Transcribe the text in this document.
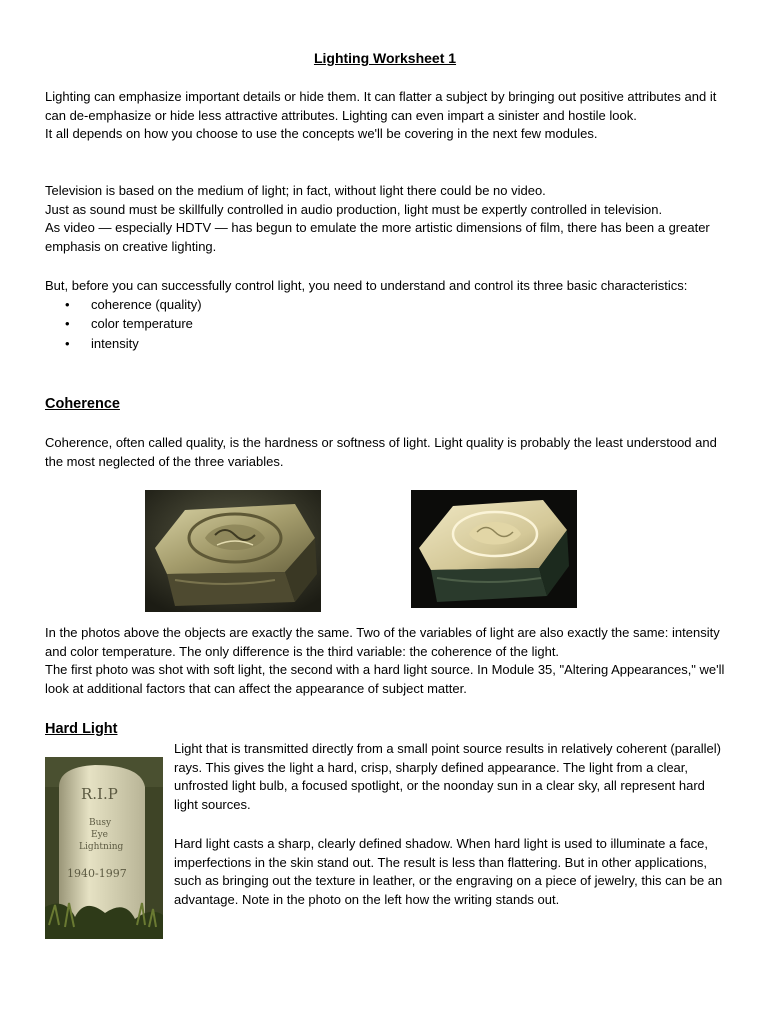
Lighting Worksheet 1

Lighting can emphasize important details or hide them. It can flatter a subject by bringing out positive attributes and it can de-emphasize or hide less attractive attributes. Lighting can even impart a sinister and hostile look.

It all depends on how you choose to use the concepts we'll be covering in the next few modules.

Television is based on the medium of light; in fact, without light there could be no video.

Just as sound must be skillfully controlled in audio production, light must be expertly controlled in television.

As video — especially HDTV — has begun to emulate the more artistic dimensions of film, there has been a greater emphasis on creative lighting.

But, before you can successfully control light, you need to understand and control its three basic characteristics:

• coherence (quality)
• color temperature
• intensity
Coherence

Coherence, often called quality, is the hardness or softness of light. Light quality is probably the least understood and the most neglected of the three variables.

In the photos above the objects are exactly the same. Two of the variables of light are also exactly the same: intensity and color temperature. The only difference is the third variable: the coherence of the light.

The first photo was shot with soft light, the second with a hard light source. In Module 35, "Altering Appearances," we'll look at additional factors that can affect the appearance of subject matter.

Hard Light
R.I.P
Busy
Eye
Lightning
1940-1997

Light that is transmitted directly from a small point source results in relatively coherent (parallel) rays. This gives the light a hard, crisp, sharply defined appearance. The light from a clear, unfrosted light bulb, a focused spotlight, or the noonday sun in a clear sky, all represent hard light sources.

Hard light casts a sharp, clearly defined shadow. When hard light is used to illuminate a face, imperfections in the skin stand out. The result is less than flattering. But in other applications, such as bringing out the texture in leather, or the engraving on a piece of jewelry, this can be an advantage. Note in the photo on the left how the writing stands out.
